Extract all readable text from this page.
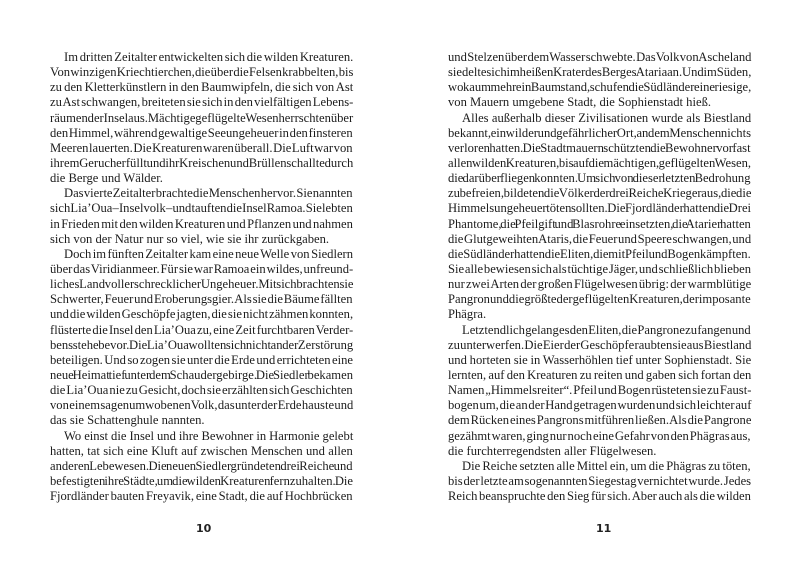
Im dritten Zeitalter entwickelten sich die wilden Kreaturen.
Von winzigen Kriechtierchen, die über die Felsen krabbelten, bis
zu den Kletterkünstlern in den Baumwipfeln, die sich von Ast
zu Ast schwangen, breiteten sie sich in den vielfältigen Lebens-
räumen der Insel aus. Mächtige geflügelte Wesen herrschten über
den Himmel, während gewaltige Seeungeheuer in den finsteren
Meeren lauerten. Die Kreaturen waren überall. Die Luft war von
ihrem Geruch erfüllt und ihr Kreischen und Brüllen schallte durch
die Berge und Wälder.
Das vierte Zeitalter brachte die Menschen hervor. Sie nannten
sich Lia’Oua – Inselvolk – und tauften die Insel Ramoa. Sie lebten
in Frieden mit den wilden Kreaturen und Pflanzen und nahmen
sich von der Natur nur so viel, wie sie ihr zurückgaben.
Doch im fünften Zeitalter kam eine neue Welle von Siedlern
über das Viridianmeer. Für sie war Ramoa ein wildes, unfreund-
liches Land voller schrecklicher Ungeheuer. Mit sich brachten sie
Schwerter, Feuer und Eroberungsgier. Als sie die Bäume fällten
und die wilden Geschöpfe jagten, die sie nicht zähmen konnten,
flüsterte die Insel den Lia’Oua zu, eine Zeit furchtbaren Verder-
bens stehe bevor. Die Lia’Oua wollten sich nicht an der Zerstörung
beteiligen. Und so zogen sie unter die Erde und errichteten eine
neue Heimat tief unter dem Schaudergebirge. Die Siedler bekamen
die Lia’Oua nie zu Gesicht, doch sie erzählten sich Geschichten
von einem sagenumwobenen Volk, das unter der Erde hauste und
das sie Schattenghule nannten.
Wo einst die Insel und ihre Bewohner in Harmonie gelebt
hatten, tat sich eine Kluft auf zwischen Menschen und allen
anderen Lebewesen. Die neuen Siedler gründeten drei Reiche und
befestigten ihre Städte, um die wilden Kreaturen fernzuhalten. Die
Fjordländer bauten Freyavik, eine Stadt, die auf Hochbrücken
10
und Stelzen über dem Wasser schwebte. Das Volk von Ascheland
siedelte sich im heißen Krater des Berges Ataria an. Und im Süden,
wo kaum mehr ein Baum stand, schufen die Südländer eine riesige,
von Mauern umgebene Stadt, die Sophienstadt hieß.
Alles außerhalb dieser Zivilisationen wurde als Biestland
bekannt, ein wilder und gefährlicher Ort, an dem Menschen nichts
verloren hatten. Die Stadtmauern schützten die Bewohner vor fast
allen wilden Kreaturen, bis auf die mächtigen, geflügelten Wesen,
die darüber fliegen konnten. Um sich von dieser letzten Bedrohung
zu befreien, bildeten die Völker der drei Reiche Krieger aus, die die
Himmelsungeheuer töten sollten. Die Fjordländer hatten die Drei
Phantome, die Pfeilgift und Blasrohre einsetzten, die Atarier hatten
die Glutgeweihten Ataris, die Feuer und Speere schwangen, und
die Südländer hatten die Eliten, die mit Pfeil und Bogen kämpften.
Sie alle bewiesen sich als tüchtige Jäger, und schließlich blieben
nur zwei Arten der großen Flügelwesen übrig: der warmblütige
Pangron und die größte der geflügelten Kreaturen, der imposante
Phägra.
Letztendlich gelang es den Eliten, die Pangrone zu fangen und
zu unterwerfen. Die Eier der Geschöpfe raubten sie aus Biestland
und horteten sie in Wasserhöhlen tief unter Sophienstadt. Sie
lernten, auf den Kreaturen zu reiten und gaben sich fortan den
Namen „Himmelsreiter“. Pfeil und Bogen rüsteten sie zu Faust-
bogen um, die an der Hand getragen wurden und sich leichter auf
dem Rücken eines Pangrons mitführen ließen. Als die Pangrone
gezähmt waren, ging nur noch eine Gefahr von den Phägras aus,
die furchterregendsten aller Flügelwesen.
Die Reiche setzten alle Mittel ein, um die Phägras zu töten,
bis der letzte am sogenannten Siegestag vernichtet wurde. Jedes
Reich beanspruchte den Sieg für sich. Aber auch als die wilden
11
